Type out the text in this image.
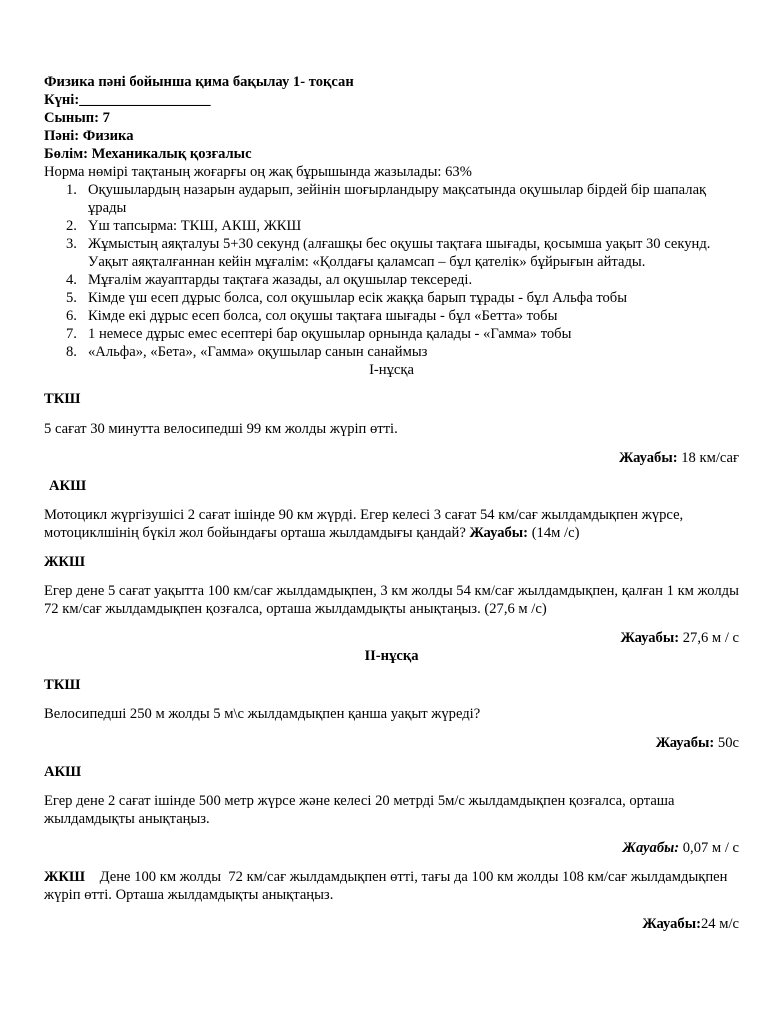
Физика пәні бойынша қима бақылау 1- тоқсан
Күні:__________________
Сынып: 7
Пәні: Физика
Бөлім: Механикалық қозғалыс
Норма нөмірі тақтаның жоғарғы оң жақ бұрышында жазылады: 63%
1. Оқушылардың назарын аударып, зейінін шоғырландыру мақсатында оқушылар бірдей бір шапалақ ұрады
2. Үш тапсырма: ТКШ, АКШ, ЖКШ
3. Жұмыстың аяқталуы 5+30 секунд (алғашқы бес оқушы тақтаға шығады, қосымша уақыт 30 секунд. Уақыт аяқталғаннан кейін мұғалім: «Қолдағы қаламсап – бұл қателік» бұйрығын айтады.
4. Мұғалім жауаптарды тақтаға жазады, ал оқушылар тексереді.
5. Кімде үш есеп дұрыс болса, сол оқушылар есік жаққа барып тұрады - бұл Альфа тобы
6. Кімде екі дұрыс есеп болса, сол оқушы тақтаға шығады - бұл «Бетта» тобы
7. 1 немесе дұрыс емес есептері бар оқушылар орнында қалады - «Гамма» тобы
8. «Альфа», «Бета», «Гамма» оқушылар санын санаймыз
I-нұсқа
ТКШ

5 сағат 30 минутта велосипедші 99 км жолды жүріп өтті.

Жауабы: 18 км/сағ
АКШ

Мотоцикл жүргізушісі 2 сағат ішінде 90 км жүрді. Егер келесі 3 сағат 54 км/сағ жылдамдықпен жүрсе, мотоциклшінің бүкіл жол бойындағы орташа жылдамдығы қандай? Жауабы: (14м /с)

ЖКШ

Егер дене 5 сағат уақытта 100 км/сағ жылдамдықпен, 3 км жолды 54 км/сағ жылдамдықпен, қалған 1 км жолды 72 км/сағ жылдамдықпен қозғалса, орташа жылдамдықты анықтаңыз. (27,6 м /с)

Жауабы: 27,6 м / с
II-нұсқа
ТКШ

Велосипедші 250 м жолды 5 м\с жылдамдықпен қанша уақыт жүреді?

Жауабы: 50с
АКШ

Егер дене 2 сағат ішінде 500 метр жүрсе және келесі 20 метрді 5м/с жылдамдықпен қозғалса, орташа жылдамдықты анықтаңыз.

Жауабы: 0,07 м / с

ЖКШ    Дене 100 км жолды  72 км/сағ жылдамдықпен өтті, тағы да 100 км жолды 108 км/сағ жылдамдықпен жүріп өтті. Орташа жылдамдықты анықтаңыз.

Жауабы:24 м/с
